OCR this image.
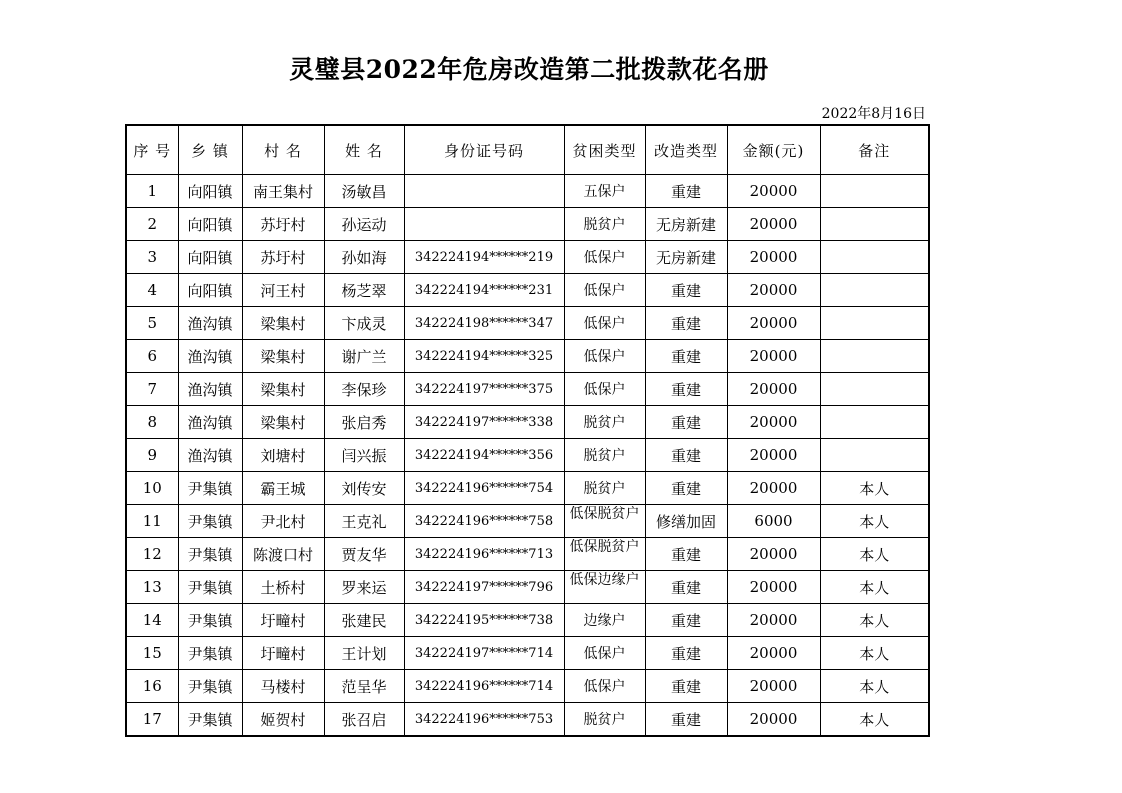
灵璧县2022年危房改造第二批拨款花名册
2022年8月16日
序 号	乡 镇	村 名	姓 名	身份证号码	贫困类型	改造类型	金额(元)	备注
1	向阳镇	南王集村	汤敏昌		五保户	重建	20000	
2	向阳镇	苏圩村	孙运动		脱贫户	无房新建	20000	
3	向阳镇	苏圩村	孙如海	342224194******219	低保户	无房新建	20000	
4	向阳镇	河王村	杨芝翠	342224194******231	低保户	重建	20000	
5	渔沟镇	梁集村	卞成灵	342224198******347	低保户	重建	20000	
6	渔沟镇	梁集村	谢广兰	342224194******325	低保户	重建	20000	
7	渔沟镇	梁集村	李保珍	342224197******375	低保户	重建	20000	
8	渔沟镇	梁集村	张启秀	342224197******338	脱贫户	重建	20000	
9	渔沟镇	刘塘村	闫兴振	342224194******356	脱贫户	重建	20000	
10	尹集镇	霸王城	刘传安	342224196******754	脱贫户	重建	20000	本人
11	尹集镇	尹北村	王克礼	342224196******758	低保脱贫户	修缮加固	6000	本人
12	尹集镇	陈渡口村	贾友华	342224196******713	低保脱贫户	重建	20000	本人
13	尹集镇	土桥村	罗来运	342224197******796	低保边缘户	重建	20000	本人
14	尹集镇	圩疃村	张建民	342224195******738	边缘户	重建	20000	本人
15	尹集镇	圩疃村	王计划	342224197******714	低保户	重建	20000	本人
16	尹集镇	马楼村	范呈华	342224196******714	低保户	重建	20000	本人
17	尹集镇	姬贺村	张召启	342224196******753	脱贫户	重建	20000	本人
